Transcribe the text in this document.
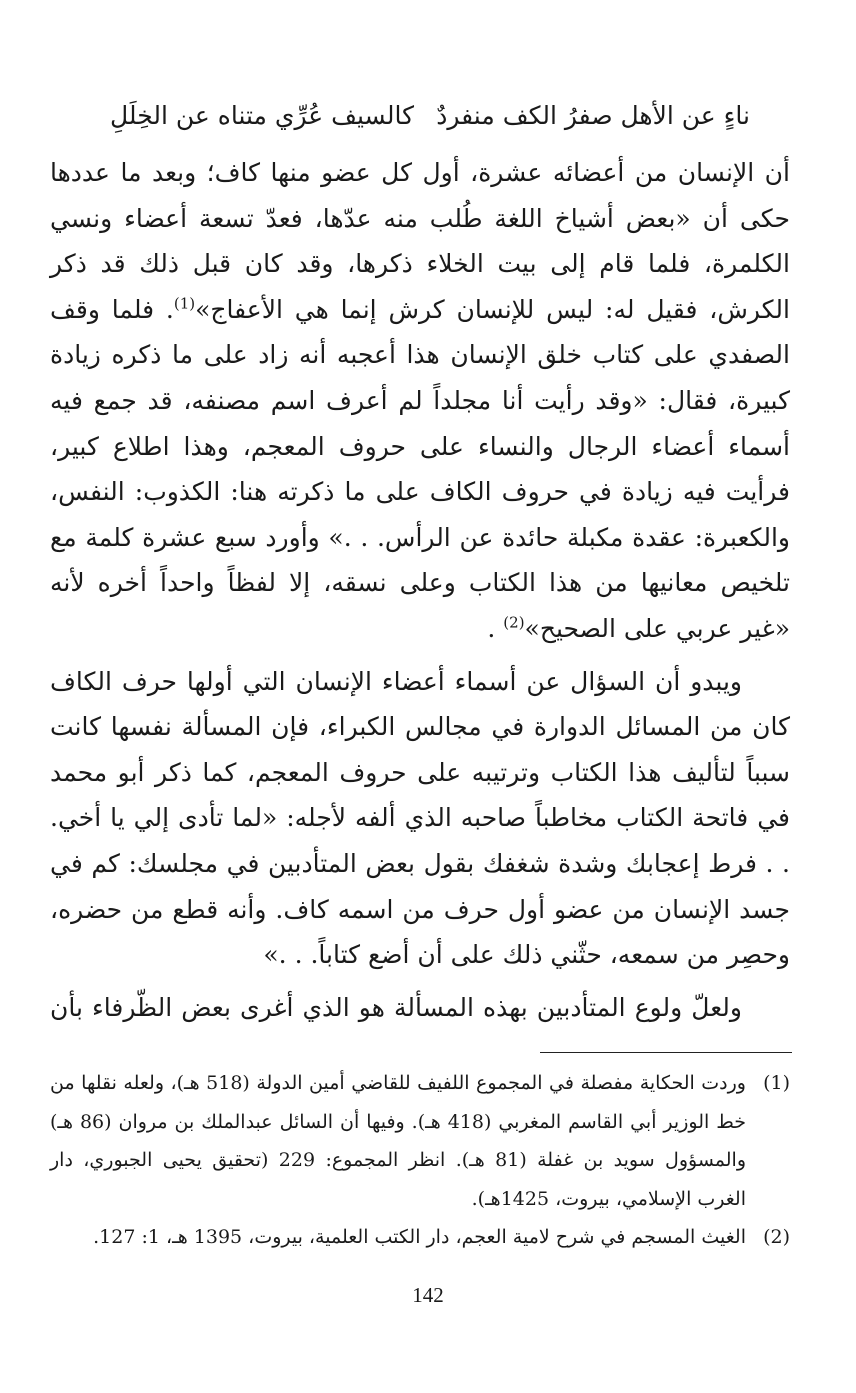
ناءٍ عن الأهل صفرُ الكف منفردٌ
كالسيف عُرِّي متناه عن الخِلَلِ

أن الإنسان من أعضائه عشرة، أول كل عضو منها كاف؛ وبعد ما عددها حكى أن «بعض أشياخ اللغة طُلب منه عدّها، فعدّ تسعة أعضاء ونسي الكلمرة، فلما قام إلى بيت الخلاء ذكرها، وقد كان قبل ذلك قد ذكر الكرش، فقيل له: ليس للإنسان كرش إنما هي الأعفاج»$^{(1)}$. فلما وقف الصفدي على كتاب خلق الإنسان هذا أعجبه أنه زاد على ما ذكره زيادة كبيرة، فقال: «وقد رأيت أنا مجلداً لم أعرف اسم مصنفه، قد جمع فيه أسماء أعضاء الرجال والنساء على حروف المعجم، وهذا اطلاع كبير، فرأيت فيه زيادة في حروف الكاف على ما ذكرته هنا: الكذوب: النفس، والكعبرة: عقدة مكبلة حائدة عن الرأس. . .» وأورد سبع عشرة كلمة مع تلخيص معانيها من هذا الكتاب وعلى نسقه، إلا لفظاً واحداً أخره لأنه «غير عربي على الصحيح»$^{(2)}$ .

ويبدو أن السؤال عن أسماء أعضاء الإنسان التي أولها حرف الكاف كان من المسائل الدوارة في مجالس الكبراء، فإن المسألة نفسها كانت سبباً لتأليف هذا الكتاب وترتيبه على حروف المعجم، كما ذكر أبو محمد في فاتحة الكتاب مخاطباً صاحبه الذي ألفه لأجله: «لما تأدى إلي يا أخي. . . فرط إعجابك وشدة شغفك بقول بعض المتأدبين في مجلسك: كم في جسد الإنسان من عضو أول حرف من اسمه كاف. وأنه قطع من حضره، وحصِر من سمعه، حثّني ذلك على أن أضع كتاباً. . .»

ولعلّ ولوع المتأدبين بهذه المسألة هو الذي أغرى بعض الظّرفاء بأن

(1)
وردت الحكاية مفصلة في المجموع اللفيف للقاضي أمين الدولة (518 هـ)، ولعله نقلها من خط الوزير أبي القاسم المغربي (418 هـ). وفيها أن السائل عبدالملك بن مروان (86 هـ) والمسؤول سويد بن غفلة (81 هـ). انظر المجموع: 229 (تحقيق يحيى الجبوري، دار الغرب الإسلامي، بيروت، 1425هـ).
(2)
الغيث المسجم في شرح لامية العجم، دار الكتب العلمية، بيروت، 1395 هـ، 1: 127.
142
